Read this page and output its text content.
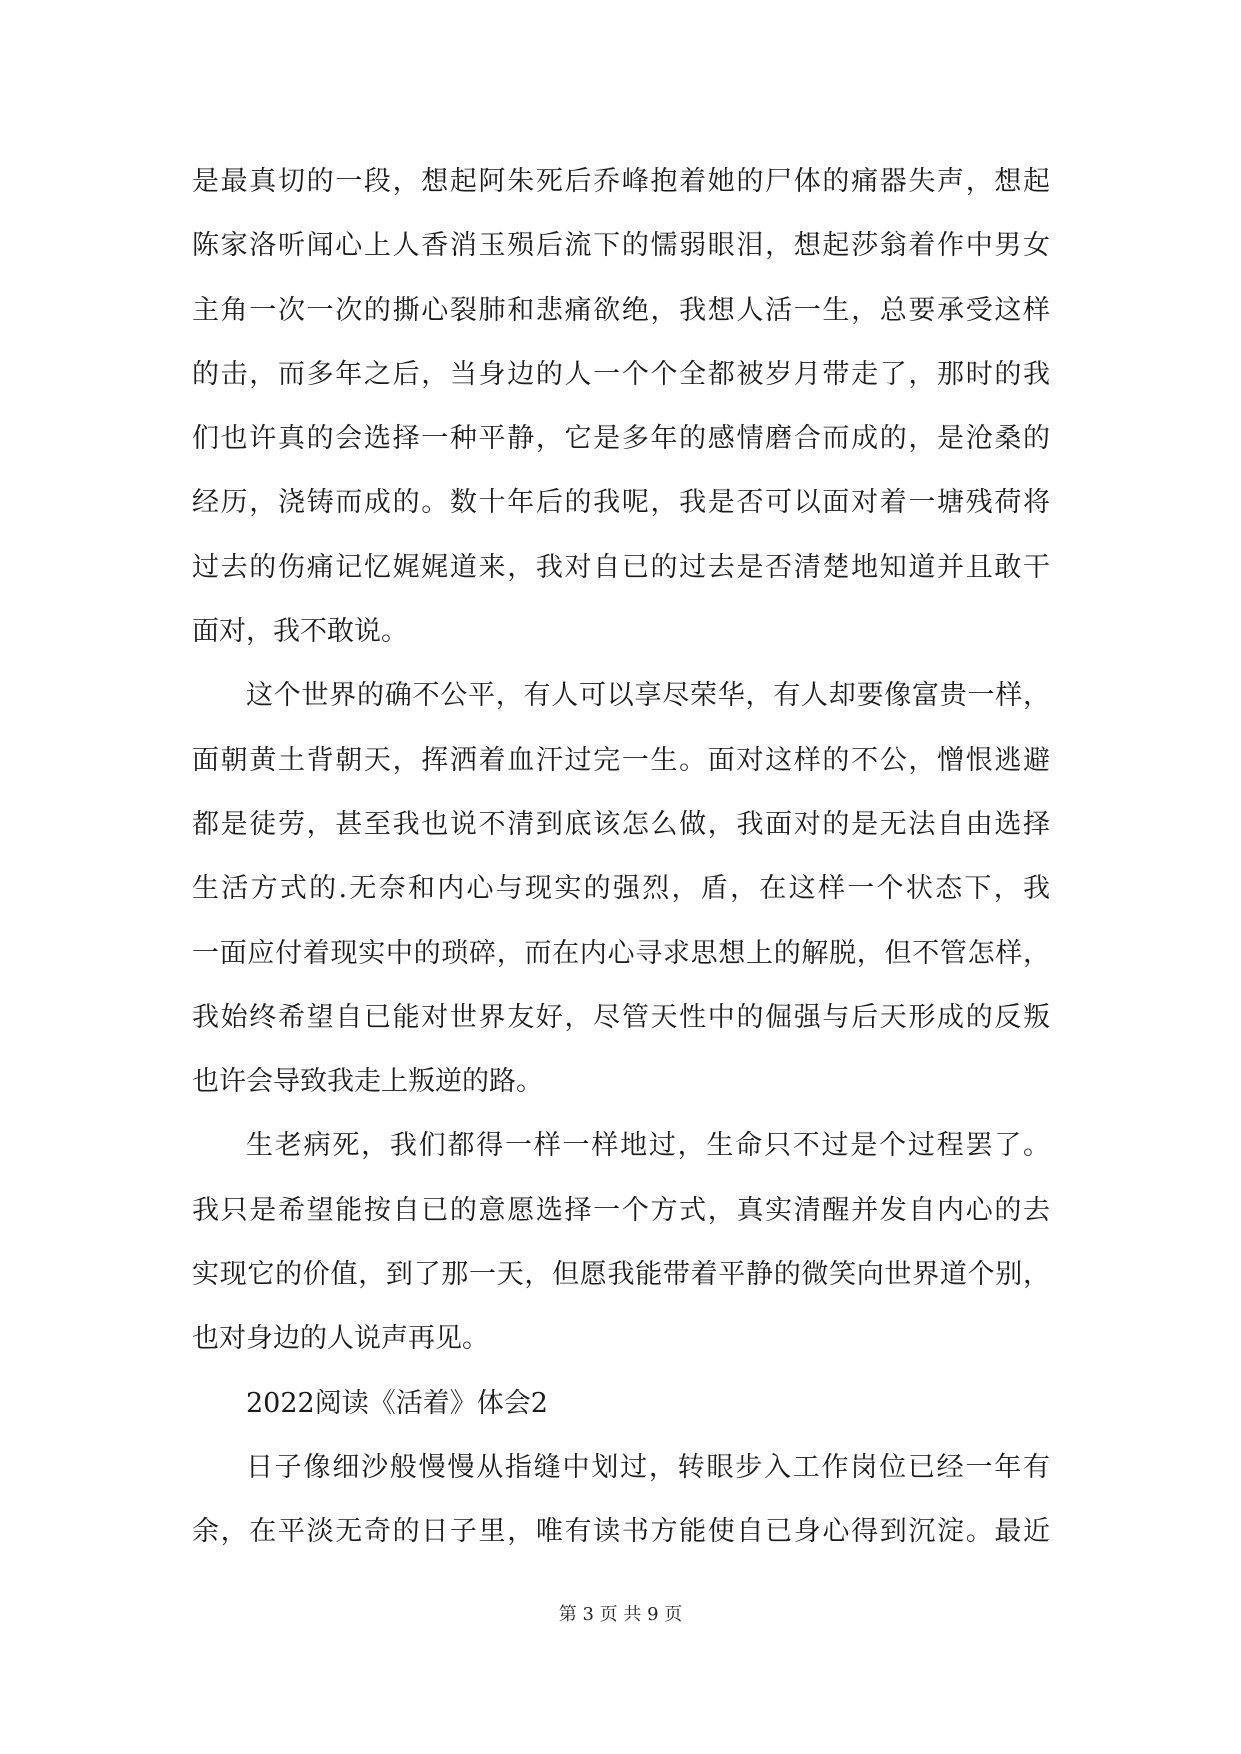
是最真切的一段，想起阿朱死后乔峰抱着她的尸体的痛器失声，想起
陈家洛听闻心上人香消玉殒后流下的懦弱眼泪，想起莎翁着作中男女
主角一次一次的撕心裂肺和悲痛欲绝，我想人活一生，总要承受这样
的击，而多年之后，当身边的人一个个全都被岁月带走了，那时的我
们也许真的会选择一种平静，它是多年的感情磨合而成的，是沧桑的
经历，浇铸而成的。数十年后的我呢，我是否可以面对着一塘残荷将
过去的伤痛记忆娓娓道来，我对自已的过去是否清楚地知道并且敢干
面对，我不敢说。
这个世界的确不公平，有人可以享尽荣华，有人却要像富贵一样，
面朝黄土背朝天，挥洒着血汗过完一生。面对这样的不公，憎恨逃避
都是徒劳，甚至我也说不清到底该怎么做，我面对的是无法自由选择
生活方式的.无奈和内心与现实的强烈，盾，在这样一个状态下，我
一面应付着现实中的琐碎，而在内心寻求思想上的解脱，但不管怎样，
我始终希望自已能对世界友好，尽管天性中的倔强与后天形成的反叛
也许会导致我走上叛逆的路。
生老病死，我们都得一样一样地过，生命只不过是个过程罢了。
我只是希望能按自已的意愿选择一个方式，真实清醒并发自内心的去
实现它的价值，到了那一天，但愿我能带着平静的微笑向世界道个别，
也对身边的人说声再见。
2022阅读《活着》体会2
日子像细沙般慢慢从指缝中划过，转眼步入工作岗位已经一年有
余，在平淡无奇的日子里，唯有读书方能使自已身心得到沉淀。最近
第 3 页 共 9 页
